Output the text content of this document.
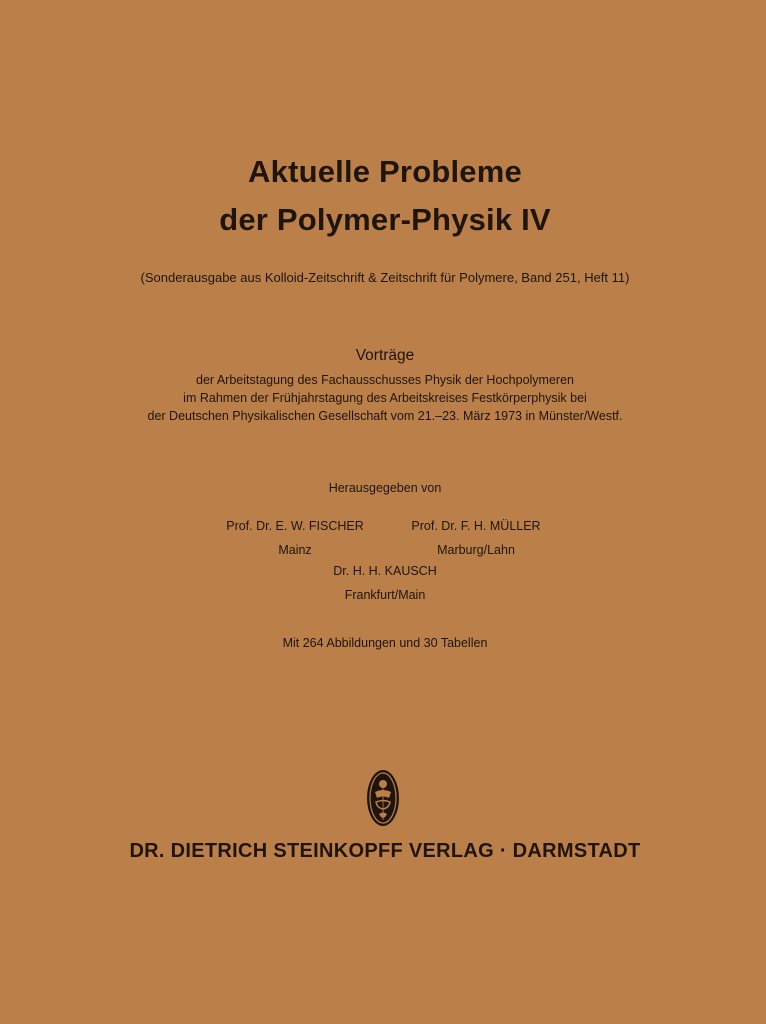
Aktuelle Probleme
der Polymer-Physik IV
(Sonderausgabe aus Kolloid-Zeitschrift & Zeitschrift für Polymere, Band 251, Heft 11)
Vorträge
der Arbeitstagung des Fachausschusses Physik der Hochpolymeren
im Rahmen der Frühjahrstagung des Arbeitskreises Festkörperphysik bei
der Deutschen Physikalischen Gesellschaft vom 21.–23. März 1973 in Münster/Westf.
Herausgegeben von
Prof. Dr. E. W. FISCHER
Mainz
Prof. Dr. F. H. MÜLLER
Marburg/Lahn
Dr. H. H. KAUSCH
Frankfurt/Main
Mit 264 Abbildungen und 30 Tabellen
DR. DIETRICH STEINKOPFF VERLAG · DARMSTADT
